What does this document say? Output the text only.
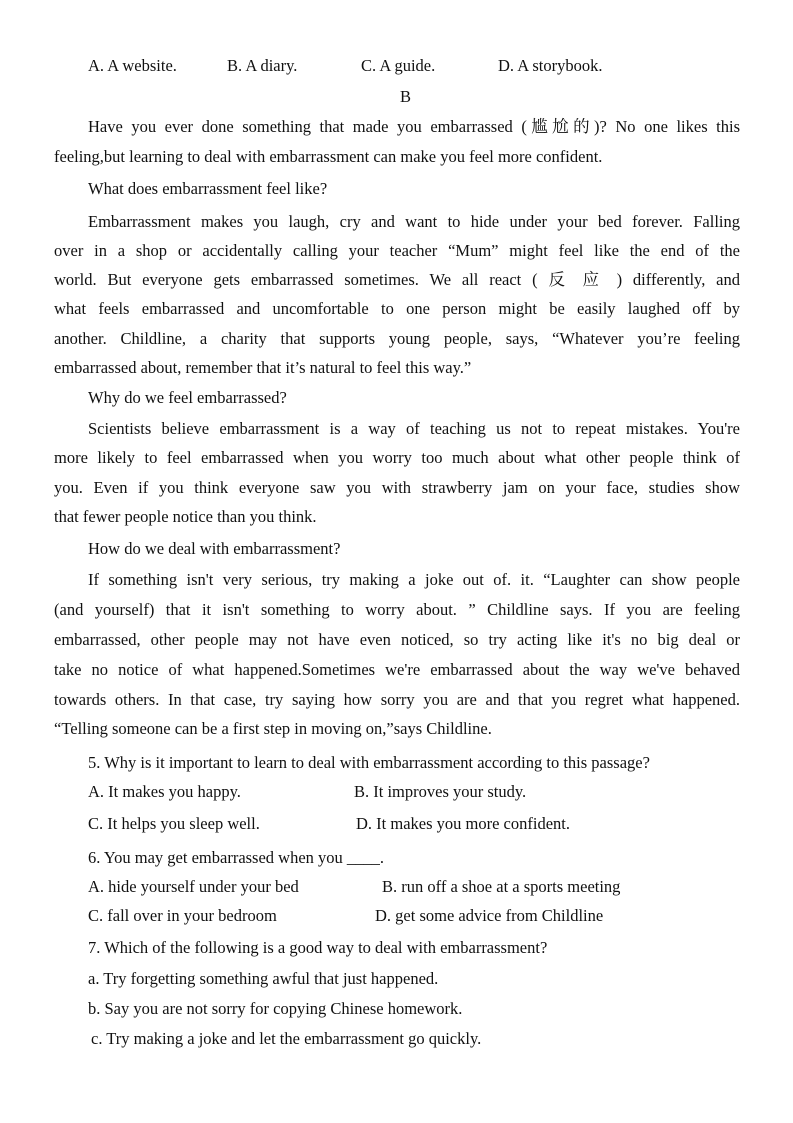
A. A website.	B. A diary.	C. A guide.	D. A storybook.
B
Have you ever done something that made you embarrassed (尴尬的)? No one likes this
feeling,but learning to deal with embarrassment can make you feel more confident.
What does embarrassment feel like?
Embarrassment makes you laugh, cry and want to hide under your bed forever. Falling
over in a shop or accidentally calling your teacher “Mum” might feel like the end of the
world. But everyone gets embarrassed sometimes. We all react ( 反 应 ) differently, and
what feels embarrassed and uncomfortable to one person might be easily laughed off by
another. Childline, a charity that supports young people, says, “Whatever you’re feeling
embarrassed about, remember that it’s natural to feel this way.”
Why do we feel embarrassed?
Scientists believe embarrassment is a way of teaching us not to repeat mistakes. You're
more likely to feel embarrassed when you worry too much about what other people think of
you. Even if you think everyone saw you with strawberry jam on your face, studies show
that fewer people notice than you think.
How do we deal with embarrassment?
If something isn't very serious, try making a joke out of. it. “Laughter can show people
(and yourself) that it isn't something to worry about. ” Childline says. If you are feeling
embarrassed, other people may not have even noticed, so try acting like it's no big deal or
take no notice of what happened.Sometimes we're embarrassed about the way we've behaved
towards others. In that case, try saying how sorry you are and that you regret what happened.
“Telling someone can be a first step in moving on,”says Childline.
5. Why is it important to learn to deal with embarrassment according to this passage?
A. It makes you happy.	B. It improves your study.
C. It helps you sleep well.	D. It makes you more confident.
6. You may get embarrassed when you ____.
A. hide yourself under your bed	B. run off a shoe at a sports meeting
C. fall over in your bedroom	D. get some advice from Childline
7. Which of the following is a good way to deal with embarrassment?
a. Try forgetting something awful that just happened.
b. Say you are not sorry for copying Chinese homework.
c. Try making a joke and let the embarrassment go quickly.
